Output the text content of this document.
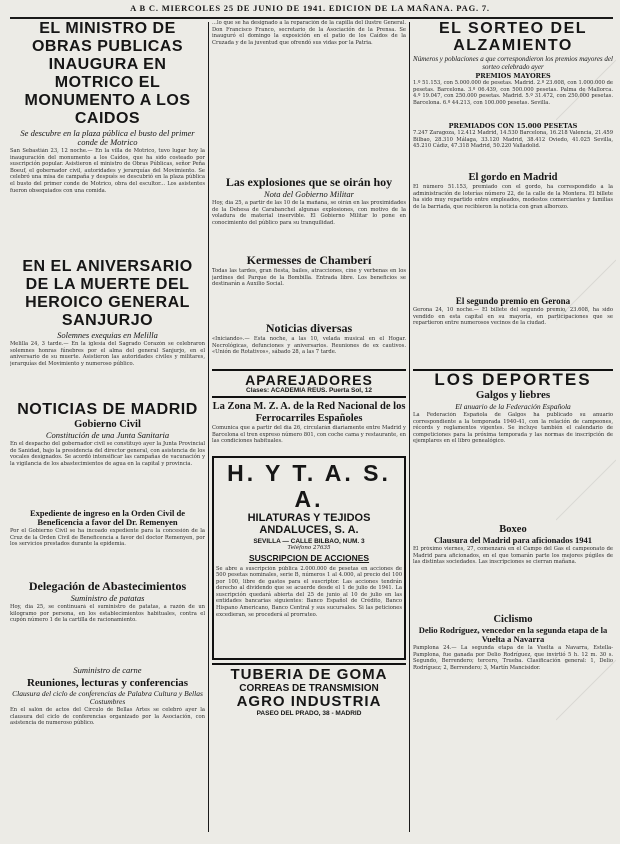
A B C. MIERCOLES 25 DE JUNIO DE 1941. EDICION DE LA MAÑANA. PAG. 7.
EL MINISTRO DE OBRAS PUBLICAS INAUGURA EN MOTRICO EL MONUMENTO A LOS CAIDOS
Se descubre en la plaza pública el busto del primer conde de Motrico

San Sebastián 23, 12 noche.— En la villa de Motrico, tuvo lugar hoy la inauguración del monumento a los Caídos, que ha sido costeado por suscripción popular. Asistieron el ministro de Obras Públicas, señor Peña Boeuf, el gobernador civil, autoridades y jerarquías del Movimiento. Se celebró una misa de campaña y después se descubrió en la plaza pública el busto del primer conde de Motrico, obra del escultor... Los asistentes fueron obsequiados con una comida.

EN EL ANIVERSARIO DE LA MUERTE DEL HEROICO GENERAL SANJURJO
Solemnes exequias en Melilla

Melilla 24, 3 tarde.— En la iglesia del Sagrado Corazón se celebraron solemnes honras fúnebres por el alma del general Sanjurjo, en el aniversario de su muerte. Asistieron las autoridades civiles y militares, jerarquías del Movimiento y numeroso público.

NOTICIAS DE MADRID
Gobierno Civil
Constitución de una Junta Sanitaria

En el despacho del gobernador civil se constituyó ayer la Junta Provincial de Sanidad, bajo la presidencia del director general, con asistencia de los vocales designados. Se acordó intensificar las campañas de vacunación y la vigilancia de los abastecimientos de agua en la capital y provincia.

Expediente de ingreso en la Orden Civil de Beneficencia a favor del Dr. Remenyen

Por el Gobierno Civil se ha incoado expediente para la concesión de la Cruz de la Orden Civil de Beneficencia a favor del doctor Remenyen, por los servicios prestados durante la epidemia.

Delegación de Abastecimientos
Suministro de patatas

Hoy, día 25, se continuará el suministro de patatas, a razón de un kilogramo por persona, en los establecimientos habituales, contra el cupón número 1 de la cartilla de racionamiento.

Suministro de carne
Reuniones, lecturas y conferencias
Clausura del ciclo de conferencias de Palabra Cultura y Bellas Costumbres

En el salón de actos del Círculo de Bellas Artes se celebró ayer la clausura del ciclo de conferencias organizado por la Asociación, con asistencia de numeroso público.

...lo que se ha designado a la reparación de la capilla del ilustre General. Don Francisco Franco, secretario de la Asociación de la Prensa. Se inauguró el domingo la exposición en el patio de los Caídos de la Cruzada y de la juventud que ofrendó sus vidas por la Patria.

Las explosiones que se oirán hoy
Nota del Gobierno Militar

Hoy, día 25, a partir de las 10 de la mañana, se oirán en las proximidades de la Dehesa de Carabanchel algunas explosiones, con motivo de la voladura de material inservible. El Gobierno Militar lo pone en conocimiento del público para su tranquilidad.

Kermesses de Chamberí

Todas las tardes, gran fiesta, bailes, atracciones, cine y verbenas en los jardines del Parque de la Bombilla. Entrada libre. Los beneficios se destinarán a Auxilio Social.

Noticias diversas

«Iniciando».— Esta noche, a las 10, velada musical en el Hogar. Necrológicas, defunciones y aniversarios. Reuniones de ex cautivos. «Unión de Rotativos», sábado 28, a las 7 tarde.

APAREJADORES
Clases: ACADEMIA REUS. Puerta Sol, 12
La Zona M. Z. A. de la Red Nacional de los Ferrocarriles Españoles

Comunica que a partir del día 26, circularán diariamente entre Madrid y Barcelona el tren expreso número 801, con coche cama y restaurante, en las condiciones habituales.

H. Y T. A. S. A.
HILATURAS Y TEJIDOS ANDALUCES, S. A.
SEVILLA — CALLE BILBAO, NUM. 3
Teléfono 27635
SUSCRIPCION DE ACCIONES

Se abre a suscripción pública 2.000.000 de pesetas en acciones de 500 pesetas nominales, serie B, números 1 al 4.000, al precio del 100 por 100, libre de gastos para el suscriptor. Las acciones tendrán derecho al dividendo que se acuerde desde el 1 de julio de 1941. La suscripción quedará abierta del 25 de junio al 10 de julio en las entidades bancarias siguientes: Banco Español de Crédito, Banco Hispano Americano, Banco Central y sus sucursales. Si las peticiones excedieran, se procederá al prorrateo.

TUBERIA DE GOMA
CORREAS DE TRANSMISION
AGRO INDUSTRIA
PASEO DEL PRADO, 38 - MADRID
EL SORTEO DEL ALZAMIENTO
Números y poblaciones a que correspondieron los premios mayores del sorteo celebrado ayer
PREMIOS MAYORES

1.º 51.153, con 5.000.000 de pesetas. Madrid. 2.º 23.608, con 1.000.000 de pesetas. Barcelona. 3.º 06.439, con 500.000 pesetas. Palma de Mallorca. 4.º 19.047, con 250.000 pesetas. Madrid. 5.º 31.472, con 250.000 pesetas. Barcelona. 6.º 44.213, con 100.000 pesetas. Sevilla.

PREMIADOS CON 15.000 PESETAS

7.247 Zaragoza, 12.412 Madrid, 14.530 Barcelona, 16.218 Valencia, 21.459 Bilbao, 28.310 Málaga, 33.120 Madrid, 38.412 Oviedo, 41.025 Sevilla, 45.210 Cádiz, 47.318 Madrid, 50.220 Valladolid.

El gordo en Madrid

El número 51.153, premiado con el gordo, ha correspondido a la administración de loterías número 22, de la calle de la Montera. El billete ha sido muy repartido entre empleados, modestos comerciantes y familias de la barriada, que recibieron la noticia con gran alborozo.

El segundo premio en Gerona

Gerona 24, 10 noche.— El billete del segundo premio, 23.608, ha sido vendido en esta capital en su mayoría, en participaciones que se repartieron entre numerosos vecinos de la ciudad.

LOS DEPORTES
Galgos y liebres
El anuario de la Federación Española

La Federación Española de Galgos ha publicado su anuario correspondiente a la temporada 1940-41, con la relación de campeones, récords y reglamentos vigentes. Se incluye también el calendario de competiciones para la próxima temporada y las normas de inscripción de ejemplares en el libro genealógico.

Boxeo
Clausura del Madrid para aficionados 1941

El próximo viernes, 27, comenzará en el Campo del Gas el campeonato de Madrid para aficionados, en el que tomarán parte los mejores púgiles de las distintas sociedades. Las inscripciones se cierran mañana.

Ciclismo
Delio Rodríguez, vencedor en la segunda etapa de la Vuelta a Navarra

Pamplona 24.— La segunda etapa de la Vuelta a Navarra, Estella-Pamplona, fue ganada por Delio Rodríguez, que invirtió 5 h. 12 m. 30 s. Segundo, Berrendero; tercero, Trueba. Clasificación general: 1, Delio Rodríguez; 2, Berrendero; 3, Martín Mancisidor.
